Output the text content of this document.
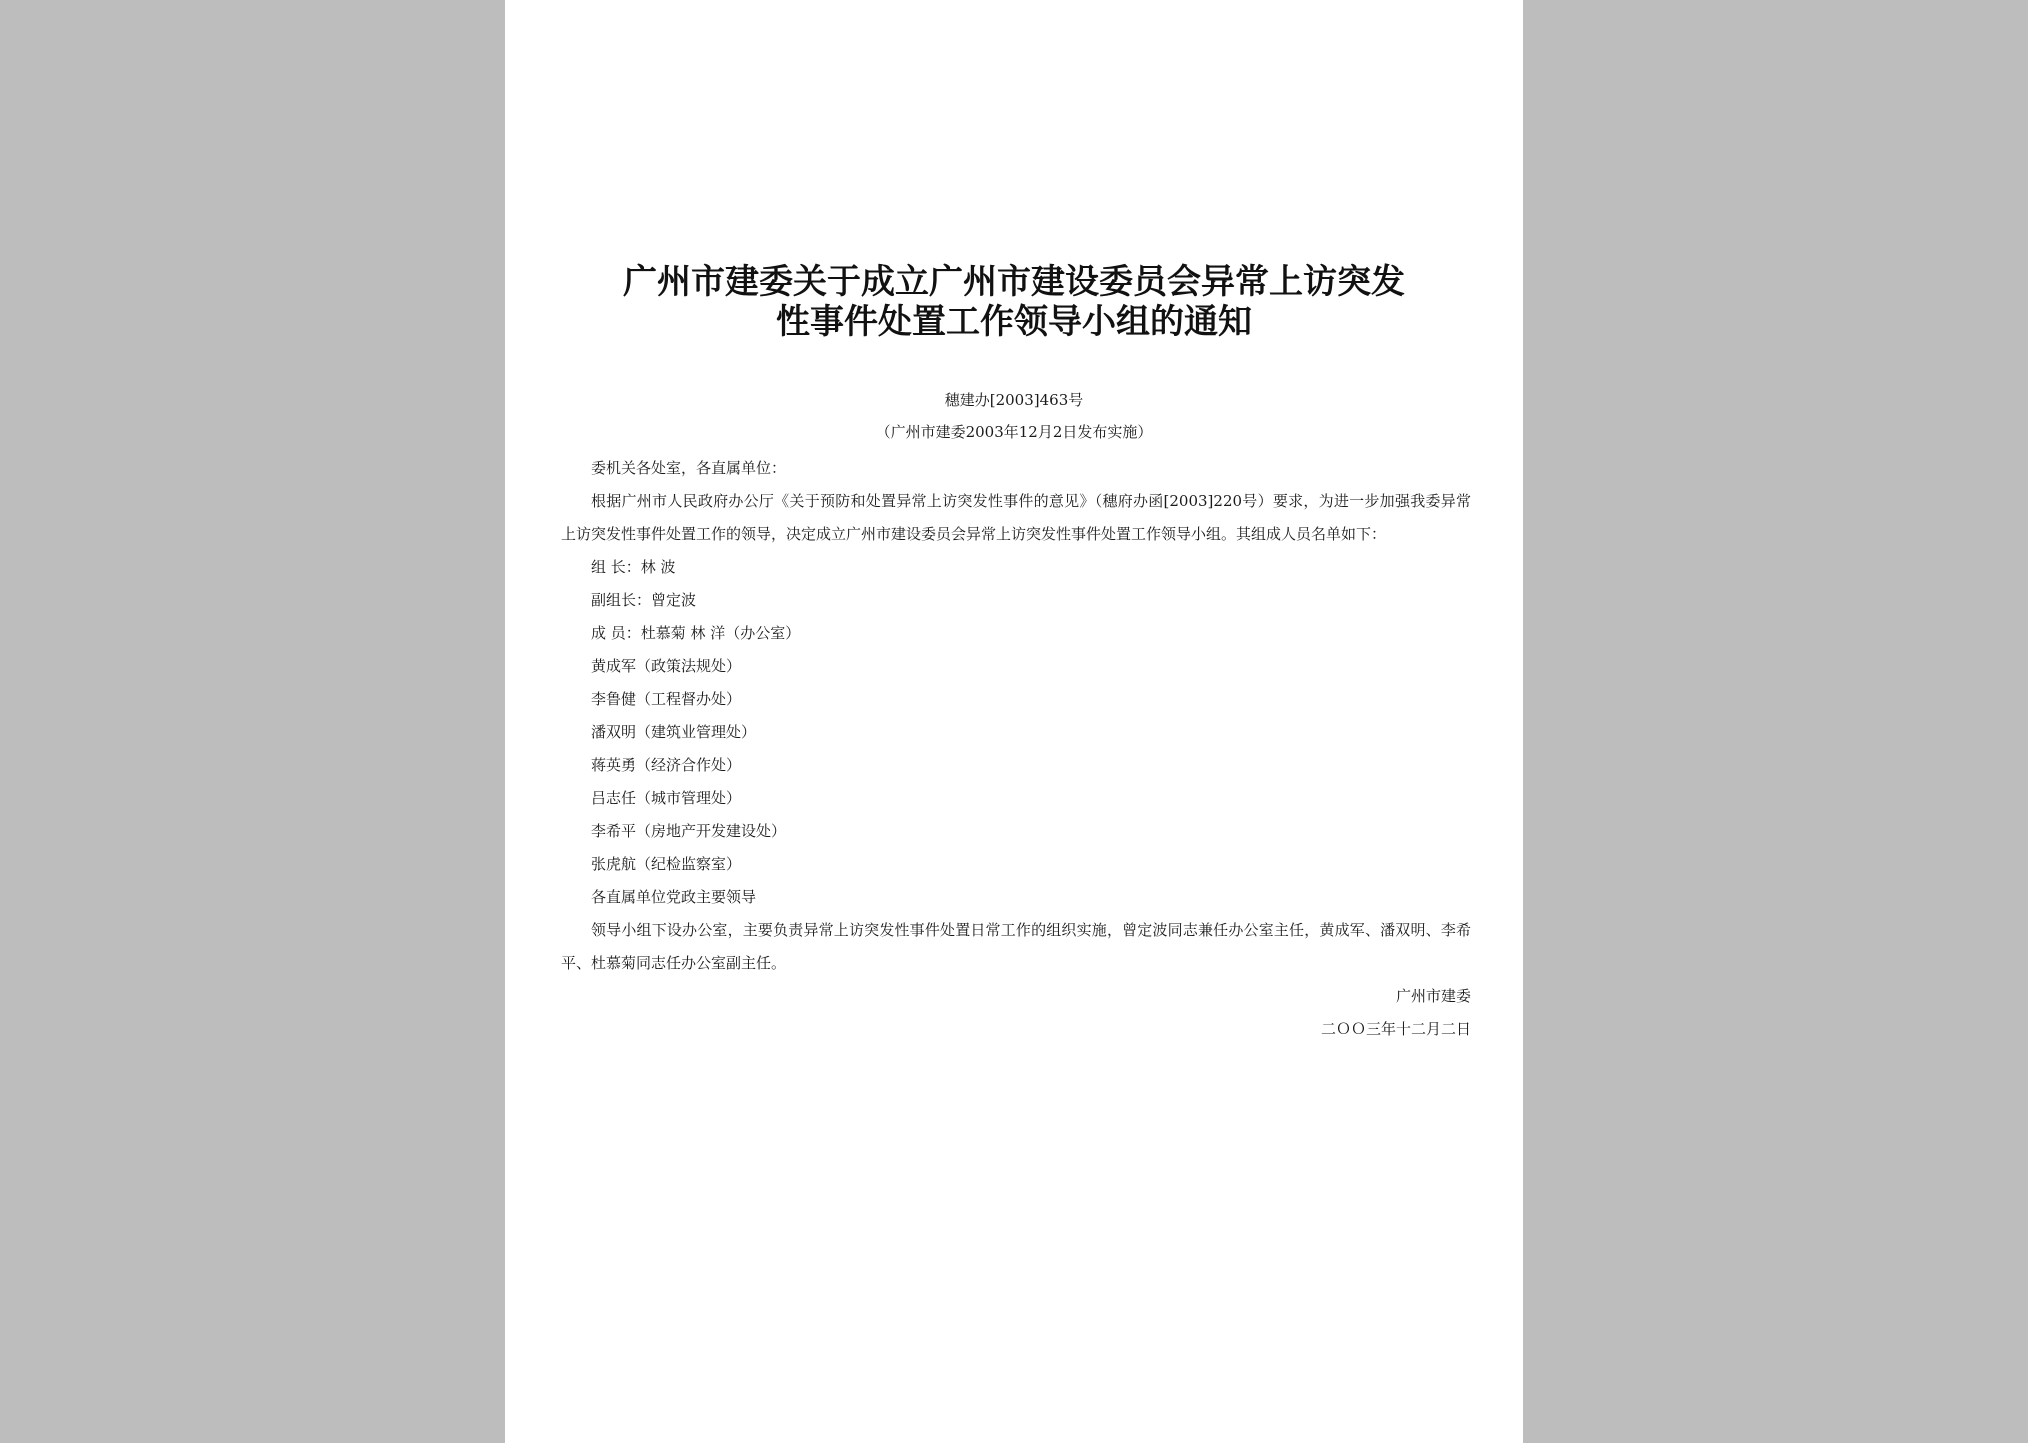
广州市建委关于成立广州市建设委员会异常上访突发
性事件处置工作领导小组的通知
穗建办[2003]463号
（广州市建委2003年12月2日发布实施）

委机关各处室，各直属单位：

根据广州市人民政府办公厅《关于预防和处置异常上访突发性事件的意见》（穗府办函[2003]220号）要求，为进一步加强我委异常上访突发性事件处置工作的领导，决定成立广州市建设委员会异常上访突发性事件处置工作领导小组。其组成人员名单如下：

组 长：林 波

副组长：曾定波

成 员：杜慕菊 林 洋（办公室）

黄成军（政策法规处）

李鲁健（工程督办处）

潘双明（建筑业管理处）

蒋英勇（经济合作处）

吕志任（城市管理处）

李希平（房地产开发建设处）

张虎航（纪检监察室）

各直属单位党政主要领导

领导小组下设办公室，主要负责异常上访突发性事件处置日常工作的组织实施，曾定波同志兼任办公室主任，黄成军、潘双明、李希平、杜慕菊同志任办公室副主任。

广州市建委

二ＯＯ三年十二月二日
